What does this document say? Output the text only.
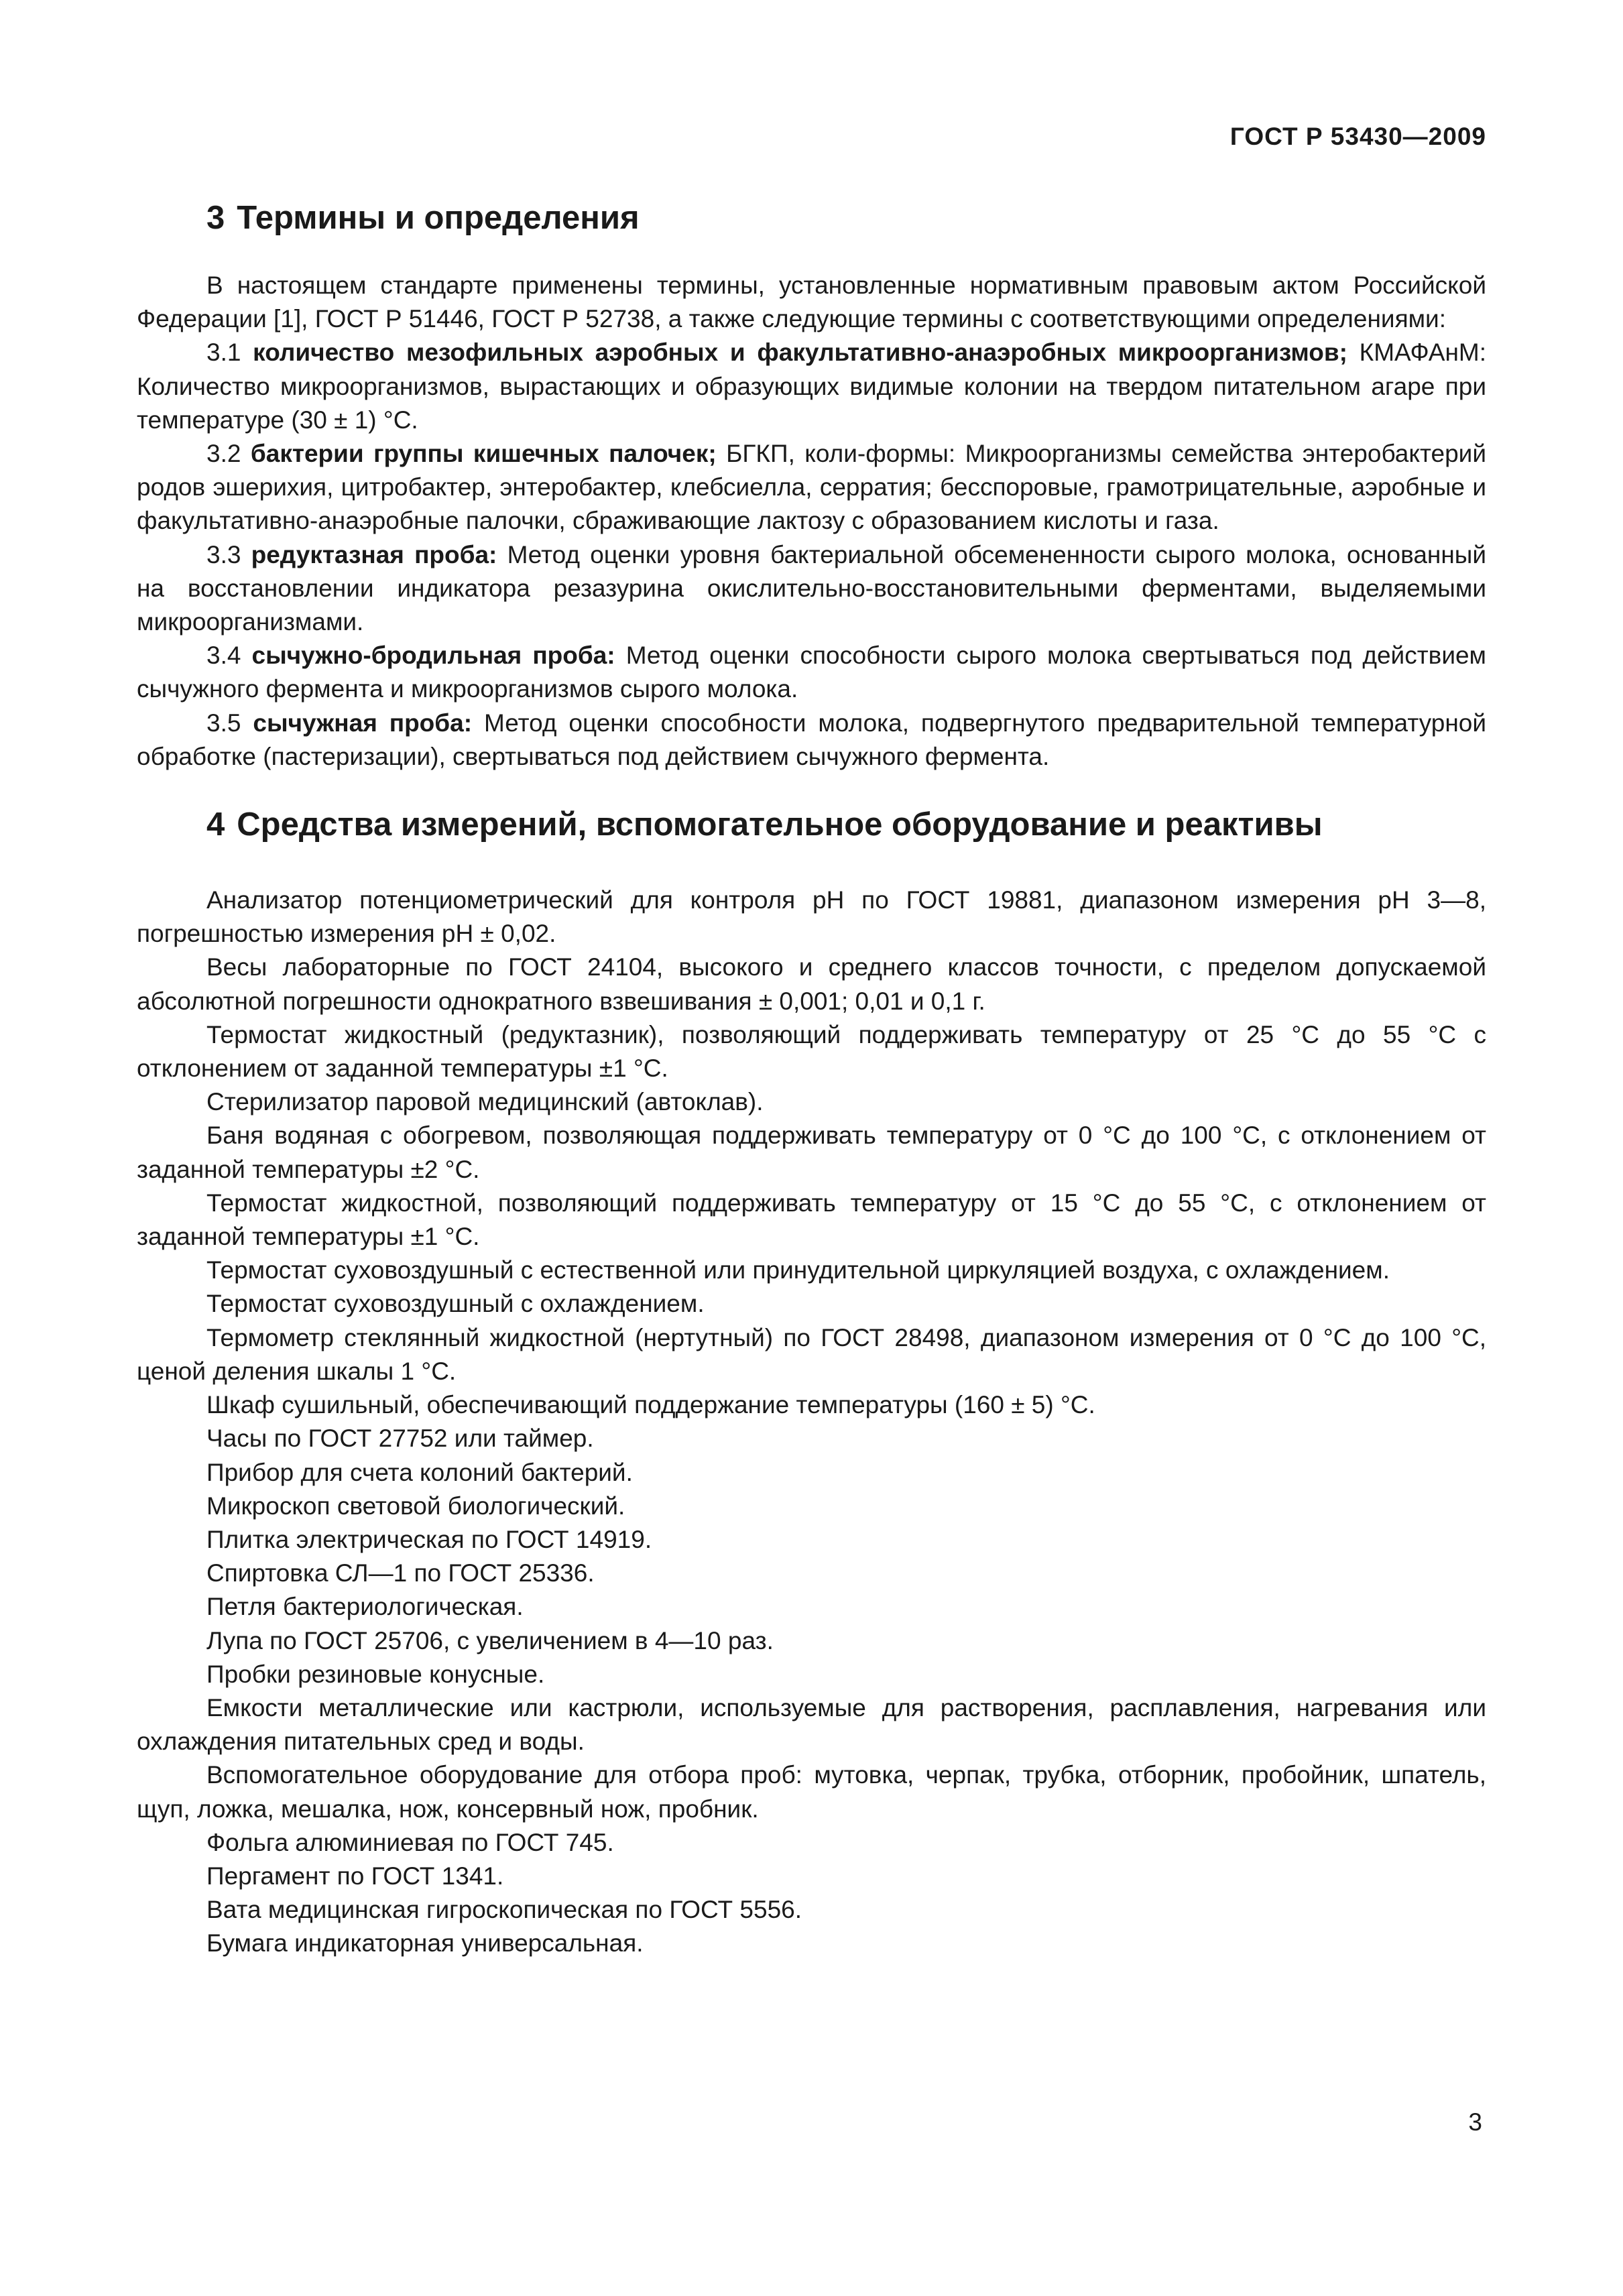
ГОСТ Р 53430—2009
3 Термины и определения

В настоящем стандарте применены термины, установленные нормативным правовым актом Российской Федерации [1], ГОСТ Р 51446, ГОСТ Р 52738, а также следующие термины с соответствующими определениями:

3.1 количество мезофильных аэробных и факультативно-анаэробных микроорганизмов; КМАФАнМ: Количество микроорганизмов, вырастающих и образующих видимые колонии на твердом питательном агаре при температуре (30 ± 1) °С.

3.2 бактерии группы кишечных палочек; БГКП, коли-формы: Микроорганизмы семейства энтеробактерий родов эшерихия, цитробактер, энтеробактер, клебсиелла, серратия; бесспоровые, грамотрицательные, аэробные и факультативно-анаэробные палочки, сбраживающие лактозу с образованием кислоты и газа.

3.3 редуктазная проба: Метод оценки уровня бактериальной обсемененности сырого молока, основанный на восстановлении индикатора резазурина окислительно-восстановительными ферментами, выделяемыми микроорганизмами.

3.4 сычужно-бродильная проба: Метод оценки способности сырого молока свертываться под действием сычужного фермента и микроорганизмов сырого молока.

3.5 сычужная проба: Метод оценки способности молока, подвергнутого предварительной температурной обработке (пастеризации), свертываться под действием сычужного фермента.

4 Средства измерений, вспомогательное оборудование и реактивы

Анализатор потенциометрический для контроля рН по ГОСТ 19881, диапазоном измерения рН 3—8, погрешностью измерения рН ± 0,02.

Весы лабораторные по ГОСТ 24104, высокого и среднего классов точности, с пределом допускаемой абсолютной погрешности однократного взвешивания ± 0,001; 0,01 и 0,1 г.

Термостат жидкостный (редуктазник), позволяющий поддерживать температуру от 25 °С до 55 °С с отклонением от заданной температуры ±1 °С.

Стерилизатор паровой медицинский (автоклав).

Баня водяная с обогревом, позволяющая поддерживать температуру от 0 °С до 100 °С, с отклонением от заданной температуры ±2 °С.

Термостат жидкостной, позволяющий поддерживать температуру от 15 °С до 55 °С, с отклонением от заданной температуры ±1 °С.

Термостат суховоздушный с естественной или принудительной циркуляцией воздуха, с охлаждением.

Термостат суховоздушный с охлаждением.

Термометр стеклянный жидкостной (нертутный) по ГОСТ 28498, диапазоном измерения от 0 °С до 100 °С, ценой деления шкалы 1 °С.

Шкаф сушильный, обеспечивающий поддержание температуры (160 ± 5) °С.

Часы по ГОСТ 27752 или таймер.

Прибор для счета колоний бактерий.

Микроскоп световой биологический.

Плитка электрическая по ГОСТ 14919.

Спиртовка СЛ—1 по ГОСТ 25336.

Петля бактериологическая.

Лупа по ГОСТ 25706, с увеличением в 4—10 раз.

Пробки резиновые конусные.

Емкости металлические или кастрюли, используемые для растворения, расплавления, нагревания или охлаждения питательных сред и воды.

Вспомогательное оборудование для отбора проб: мутовка, черпак, трубка, отборник, пробойник, шпатель, щуп, ложка, мешалка, нож, консервный нож, пробник.

Фольга алюминиевая по ГОСТ 745.

Пергамент по ГОСТ 1341.

Вата медицинская гигроскопическая по ГОСТ 5556.

Бумага индикаторная универсальная.

3
